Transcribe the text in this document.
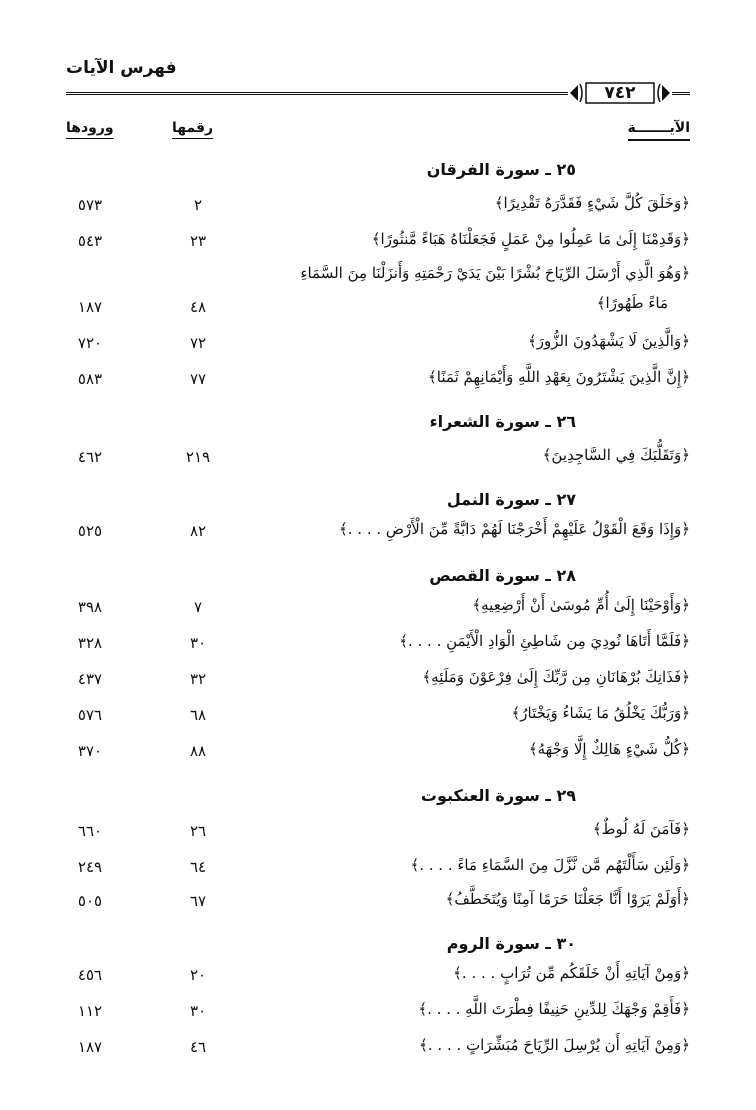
فهرس الآيات
٧٤٢
الآيـــــــة
رقمها
ورودها
٢٥ ـ سورة الفرقان
﴿وَخَلَقَ كُلَّ شَيْءٍ فَقَدَّرَهُ تَقْدِيرًا﴾
٢
٥٧٣
﴿وَقَدِمْنَا إِلَىٰ مَا عَمِلُوا مِنْ عَمَلٍ فَجَعَلْنَاهُ هَبَاءً مَّنثُورًا﴾
٢٣
٥٤٣
﴿وَهُوَ الَّذِي أَرْسَلَ الرِّيَاحَ بُشْرًا بَيْنَ يَدَيْ رَحْمَتِهِ وَأَنزَلْنَا مِنَ السَّمَاءِ
مَاءً طَهُورًا﴾
٤٨
١٨٧
﴿وَالَّذِينَ لَا يَشْهَدُونَ الزُّورَ﴾
٧٢
٧٢٠
﴿إِنَّ الَّذِينَ يَشْتَرُونَ بِعَهْدِ اللَّهِ وَأَيْمَانِهِمْ ثَمَنًا﴾
٧٧
٥٨٣
٢٦ ـ سورة الشعراء
﴿وَتَقَلُّبَكَ فِي السَّاجِدِينَ﴾
٢١٩
٤٦٢
٢٧ ـ سورة النمل
﴿وَإِذَا وَقَعَ الْقَوْلُ عَلَيْهِمْ أَخْرَجْنَا لَهُمْ دَابَّةً مِّنَ الْأَرْضِ . . . .﴾
٨٢
٥٢٥
٢٨ ـ سورة القصص
﴿وَأَوْحَيْنَا إِلَىٰ أُمِّ مُوسَىٰ أَنْ أَرْضِعِيهِ﴾
٧
٣٩٨
﴿فَلَمَّا أَتَاهَا نُودِيَ مِن شَاطِئِ الْوَادِ الْأَيْمَنِ . . . .﴾
٣٠
٣٢٨
﴿فَذَانِكَ بُرْهَانَانِ مِن رَّبِّكَ إِلَىٰ فِرْعَوْنَ وَمَلَئِهِ﴾
٣٢
٤٣٧
﴿وَرَبُّكَ يَخْلُقُ مَا يَشَاءُ وَيَخْتَارُ﴾
٦٨
٥٧٦
﴿كُلُّ شَيْءٍ هَالِكٌ إِلَّا وَجْهَهُ﴾
٨٨
٣٧٠
٢٩ ـ سورة العنكبوت
﴿فَآمَنَ لَهُ لُوطٌ﴾
٢٦
٦٦٠
﴿وَلَئِن سَأَلْتَهُم مَّن نَّزَّلَ مِنَ السَّمَاءِ مَاءً . . . .﴾
٦٤
٢٤٩
﴿أَوَلَمْ يَرَوْا أَنَّا جَعَلْنَا حَرَمًا آمِنًا وَيُتَخَطَّفُ﴾
٦٧
٥٠٥
٣٠ ـ سورة الروم
﴿وَمِنْ آيَاتِهِ أَنْ خَلَقَكُم مِّن تُرَابٍ . . . .﴾
٢٠
٤٥٦
﴿فَأَقِمْ وَجْهَكَ لِلدِّينِ حَنِيفًا فِطْرَتَ اللَّهِ . . . .﴾
٣٠
١١٢
﴿وَمِنْ آيَاتِهِ أَن يُرْسِلَ الرِّيَاحَ مُبَشِّرَاتٍ . . . .﴾
٤٦
١٨٧
